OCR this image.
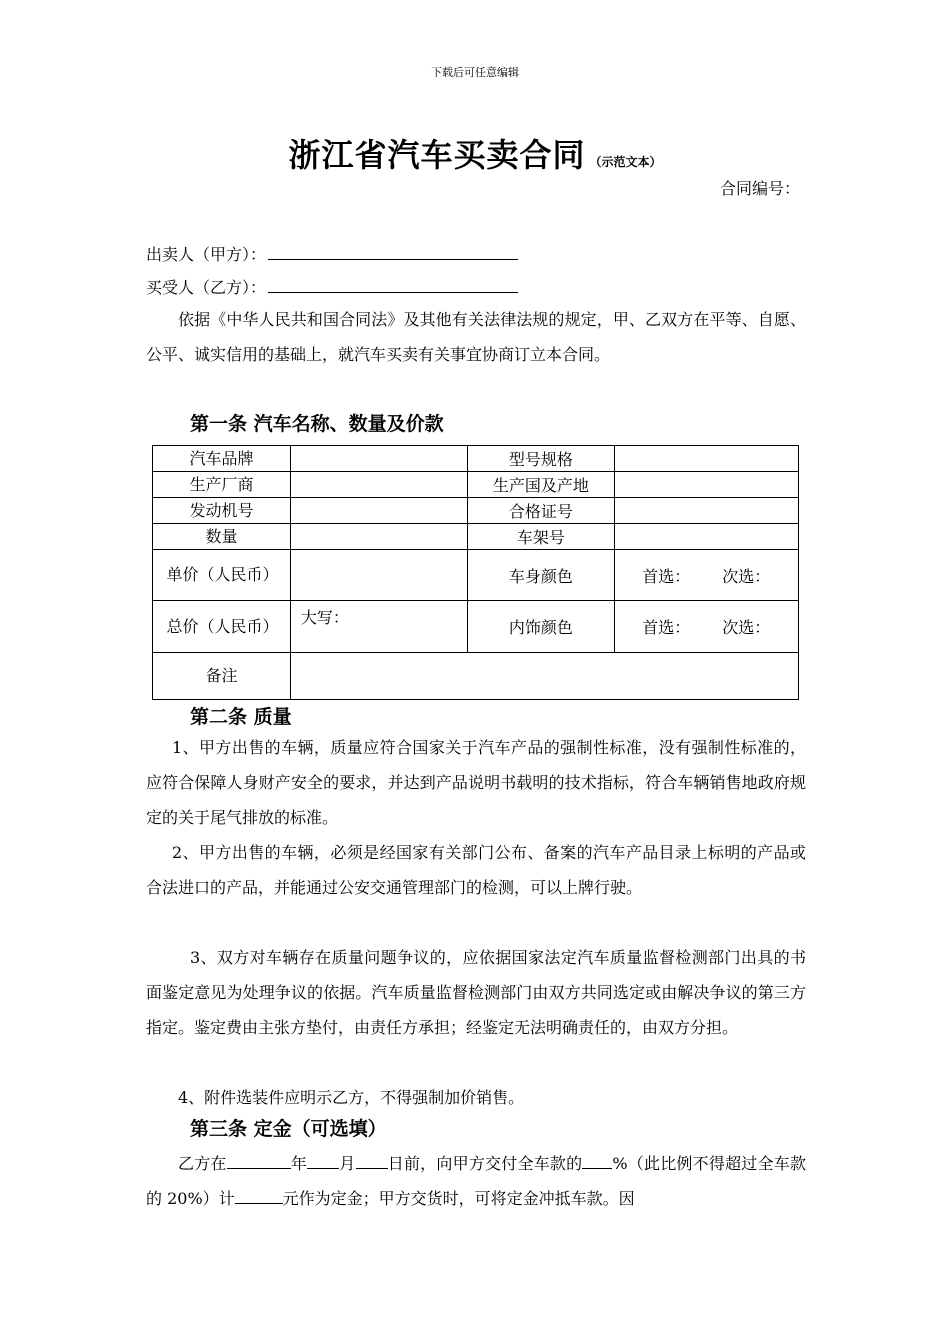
下载后可任意编辑
浙江省汽车买卖合同 （示范文本）
合同编号：
出卖人（甲方）：
买受人（乙方）：
依据《中华人民共和国合同法》及其他有关法律法规的规定，甲、乙双方在平等、自愿、公平、诚实信用的基础上，就汽车买卖有关事宜协商订立本合同。
第一条 汽车名称、数量及价款
汽车品牌		型号规格	
生产厂商		生产国及产地	
发动机号		合格证号	
数量		车架号	

单价（人民币）		车身颜色	首选： 次选：

总价（人民币）	大写：	内饰颜色	首选： 次选：
备注			
第二条 质量
1、甲方出售的车辆，质量应符合国家关于汽车产品的强制性标准，没有强制性标准的，应符合保障人身财产安全的要求，并达到产品说明书载明的技术指标，符合车辆销售地政府规定的关于尾气排放的标准。
2、甲方出售的车辆，必须是经国家有关部门公布、备案的汽车产品目录上标明的产品或合法进口的产品，并能通过公安交通管理部门的检测，可以上牌行驶。
3、双方对车辆存在质量问题争议的，应依据国家法定汽车质量监督检测部门出具的书面鉴定意见为处理争议的依据。汽车质量监督检测部门由双方共同选定或由解决争议的第三方指定。鉴定费由主张方垫付，由责任方承担；经鉴定无法明确责任的，由双方分担。
4、附件选装件应明示乙方，不得强制加价销售。
第三条 定金（可选填）
乙方在	年 月 日前，向甲方交付全车款的 %（此比例不得超过全车款的 20%）计	元作为定金；甲方交货时，可将定金冲抵车款。因
